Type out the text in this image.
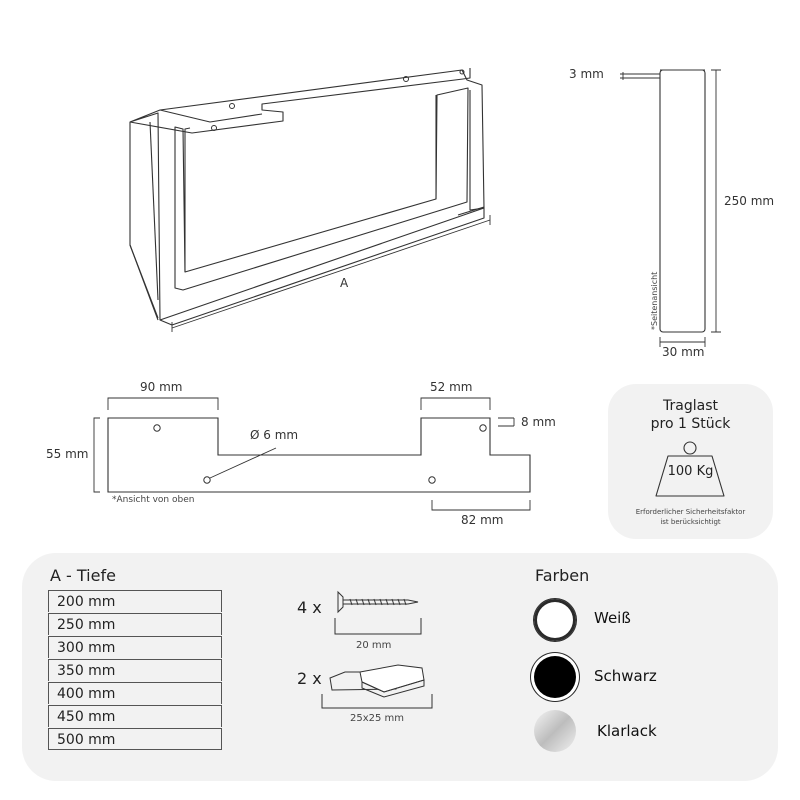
A
3 mm
250 mm
30 mm
*Seitenansicht
90 mm	52 mm
8 mm
55 mm
Ø 6 mm
82 mm
*Ansicht von oben
Traglast
pro 1 Stück
100 Kg
Erforderlicher Sicherheitsfaktor
ist berücksichtigt
A - Tiefe
200 mm
250 mm
300 mm
350 mm
400 mm
450 mm
500 mm
4 x
20 mm
2 x
25x25 mm
Farben
Weiß
Schwarz
Klarlack
